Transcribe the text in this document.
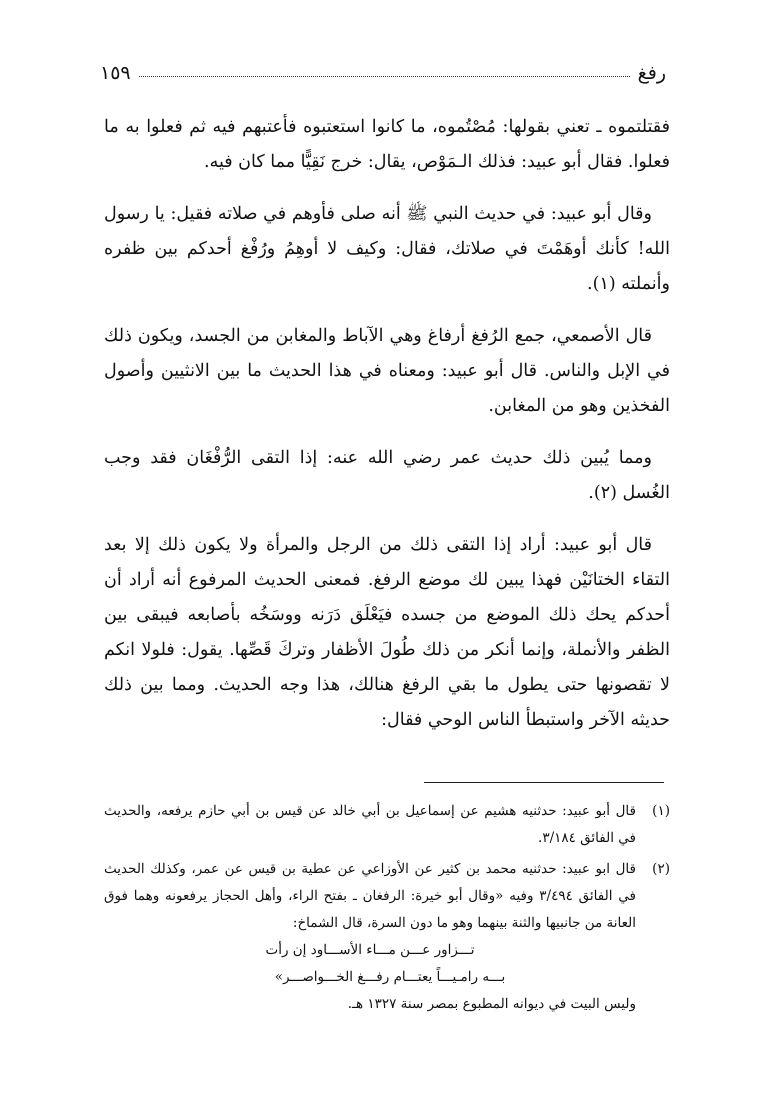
رفغ
١٥٩

فقتلتموه ـ تعني بقولها: مُصْتُموه، ما كانوا استعتبوه فأعتبهم فيه ثم فعلوا به ما فعلوا. فقال أبو عبيد: فذلك الـمَوْص، يقال: خرج نَقِيًّا مما كان فيه.

وقال أبو عبيد: في حديث النبي ﷺ أنه صلى فأوهم في صلاته فقيل: يا رسول الله! كأنك أوهَمْتَ في صلاتك، فقال: وكيف لا أوهِمُ ورُفْغ أحدكم بين ظفره وأنملته (١).

قال الأصمعي، جمع الرُفغ أرفاغ وهي الآباط والمغابن من الجسد، ويكون ذلك في الإبل والناس. قال أبو عبيد: ومعناه في هذا الحديث ما بين الانثيين وأصول الفخذين وهو من المغابن.

ومما يُبين ذلك حديث عمر رضي الله عنه: إذا التقى الرُّفْغَان فقد وجب الغُسل (٢).

قال أبو عبيد: أراد إذا التقى ذلك من الرجل والمرأة ولا يكون ذلك إلا بعد التقاء الختانَيْن فهذا يبين لك موضع الرفغ. فمعنى الحديث المرفوع أنه أراد أن أحدكم يحك ذلك الموضع من جسده فيَعْلَق دَرَنه ووسَخُه بأصابعه فيبقى بين الظفر والأنملة، وإنما أنكر من ذلك طُولَ الأظفار وتركَ قَصِّها. يقول: فلولا انكم لا تقصونها حتى يطول ما بقي الرفغ هنالك، هذا وجه الحديث. ومما بين ذلك حديثه الآخر واستبطأ الناس الوحي فقال:

(١)
قال أبو عبيد: حدثنيه هشيم عن إسماعيل بن أبي خالد عن قيس بن أبي حازم يرفعه، والحديث في الفائق ٣/١٨٤.
(٢)
قال ابو عبيد: حدثنيه محمد بن كثير عن الأوزاعي عن عطية بن قيس عن عمر، وكذلك الحديث في الفائق ٣/٤٩٤ وفيه «وقال أبو خيرة: الرفغان ـ بفتح الراء، وأهل الحجاز يرفعونه وهما فوق العانة من جانبيها والثنة بينهما وهو ما دون السرة، قال الشماخ:
تـــزاور عـــن مـــاء الأســـاود إن رأت
بـــه رامـيـــاً يعتـــام رفـــغ الخـــواصـــر»
وليس البيت في ديوانه المطبوع بمصر سنة ١٣٢٧ هـ.
